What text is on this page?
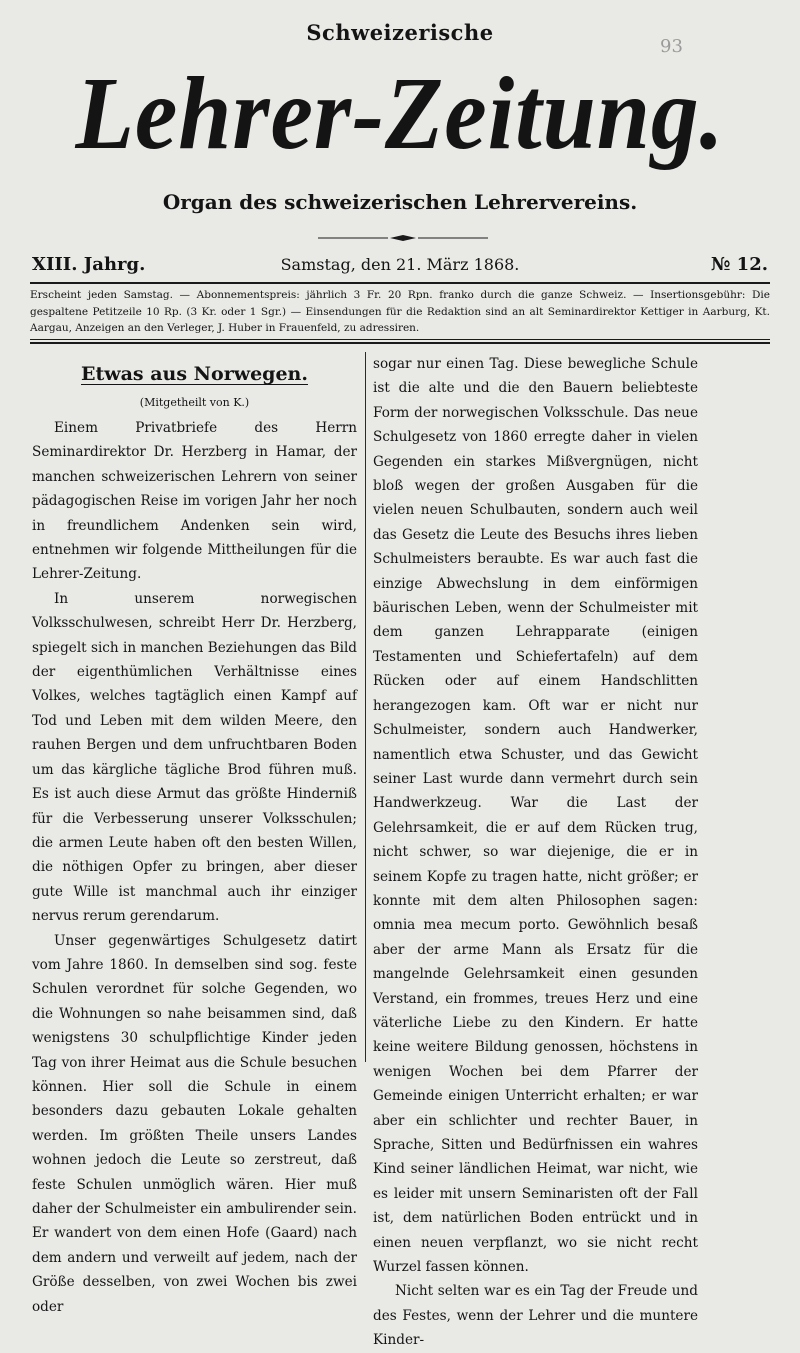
93
Schweizerische
Lehrer-Zeitung.
Organ des schweizerischen Lehrervereins.
XIII. Jahrg.	Samstag, den 21. März 1868.	№ 12.
Erscheint jeden Samstag. — Abonnementspreis: jährlich 3 Fr. 20 Rpn. franko durch die ganze Schweiz. — Insertionsgebühr: Die gespaltene Petitzeile 10 Rp. (3 Kr. oder 1 Sgr.) — Einsendungen für die Redaktion sind an alt Seminardirektor Kettiger in Aarburg, Kt. Aargau, Anzeigen an den Verleger, J. Huber in Frauenfeld, zu adressiren.

Etwas aus Norwegen.

(Mitgetheilt von K.)

Einem Privatbriefe des Herrn Seminardirektor Dr. Herzberg in Hamar, der manchen schweizerischen Lehrern von seiner pädagogischen Reise im vorigen Jahr her noch in freundlichem Andenken sein wird, entnehmen wir folgende Mittheilungen für die Lehrer-Zeitung.

In unserem norwegischen Volksschulwesen, schreibt Herr Dr. Herzberg, spiegelt sich in manchen Beziehungen das Bild der eigenthümlichen Verhältnisse eines Volkes, welches tagtäglich einen Kampf auf Tod und Leben mit dem wilden Meere, den rauhen Bergen und dem unfruchtbaren Boden um das kärgliche tägliche Brod führen muß. Es ist auch diese Armut das größte Hinderniß für die Verbesserung unserer Volksschulen; die armen Leute haben oft den besten Willen, die nöthigen Opfer zu bringen, aber dieser gute Wille ist manchmal auch ihr einziger nervus rerum gerendarum.

Unser gegenwärtiges Schulgesetz datirt vom Jahre 1860. In demselben sind sog. feste Schulen verordnet für solche Gegenden, wo die Wohnungen so nahe beisammen sind, daß wenigstens 30 schulpflichtige Kinder jeden Tag von ihrer Heimat aus die Schule besuchen können. Hier soll die Schule in einem besonders dazu gebauten Lokale gehalten werden. Im größten Theile unsers Landes wohnen jedoch die Leute so zerstreut, daß feste Schulen unmöglich wären. Hier muß daher der Schulmeister ein ambulirender sein. Er wandert von dem einen Hofe (Gaard) nach dem andern und verweilt auf jedem, nach der Größe desselben, von zwei Wochen bis zwei oder

sogar nur einen Tag. Diese bewegliche Schule ist die alte und die den Bauern beliebteste Form der norwegischen Volksschule. Das neue Schulgesetz von 1860 erregte daher in vielen Gegenden ein starkes Mißvergnügen, nicht bloß wegen der großen Ausgaben für die vielen neuen Schulbauten, sondern auch weil das Gesetz die Leute des Besuchs ihres lieben Schulmeisters beraubte. Es war auch fast die einzige Abwechslung in dem einförmigen bäurischen Leben, wenn der Schulmeister mit dem ganzen Lehrapparate (einigen Testamenten und Schiefertafeln) auf dem Rücken oder auf einem Handschlitten herangezogen kam. Oft war er nicht nur Schulmeister, sondern auch Handwerker, namentlich etwa Schuster, und das Gewicht seiner Last wurde dann vermehrt durch sein Handwerkzeug. War die Last der Gelehrsamkeit, die er auf dem Rücken trug, nicht schwer, so war diejenige, die er in seinem Kopfe zu tragen hatte, nicht größer; er konnte mit dem alten Philosophen sagen: omnia mea mecum porto. Gewöhnlich besaß aber der arme Mann als Ersatz für die mangelnde Gelehrsamkeit einen gesunden Verstand, ein frommes, treues Herz und eine väterliche Liebe zu den Kindern. Er hatte keine weitere Bildung genossen, höchstens in wenigen Wochen bei dem Pfarrer der Gemeinde einigen Unterricht erhalten; er war aber ein schlichter und rechter Bauer, in Sprache, Sitten und Bedürfnissen ein wahres Kind seiner ländlichen Heimat, war nicht, wie es leider mit unsern Seminaristen oft der Fall ist, dem natürlichen Boden entrückt und in einen neuen verpflanzt, wo sie nicht recht Wurzel fassen können.

Nicht selten war es ein Tag der Freude und des Festes, wenn der Lehrer und die muntere Kinder-
